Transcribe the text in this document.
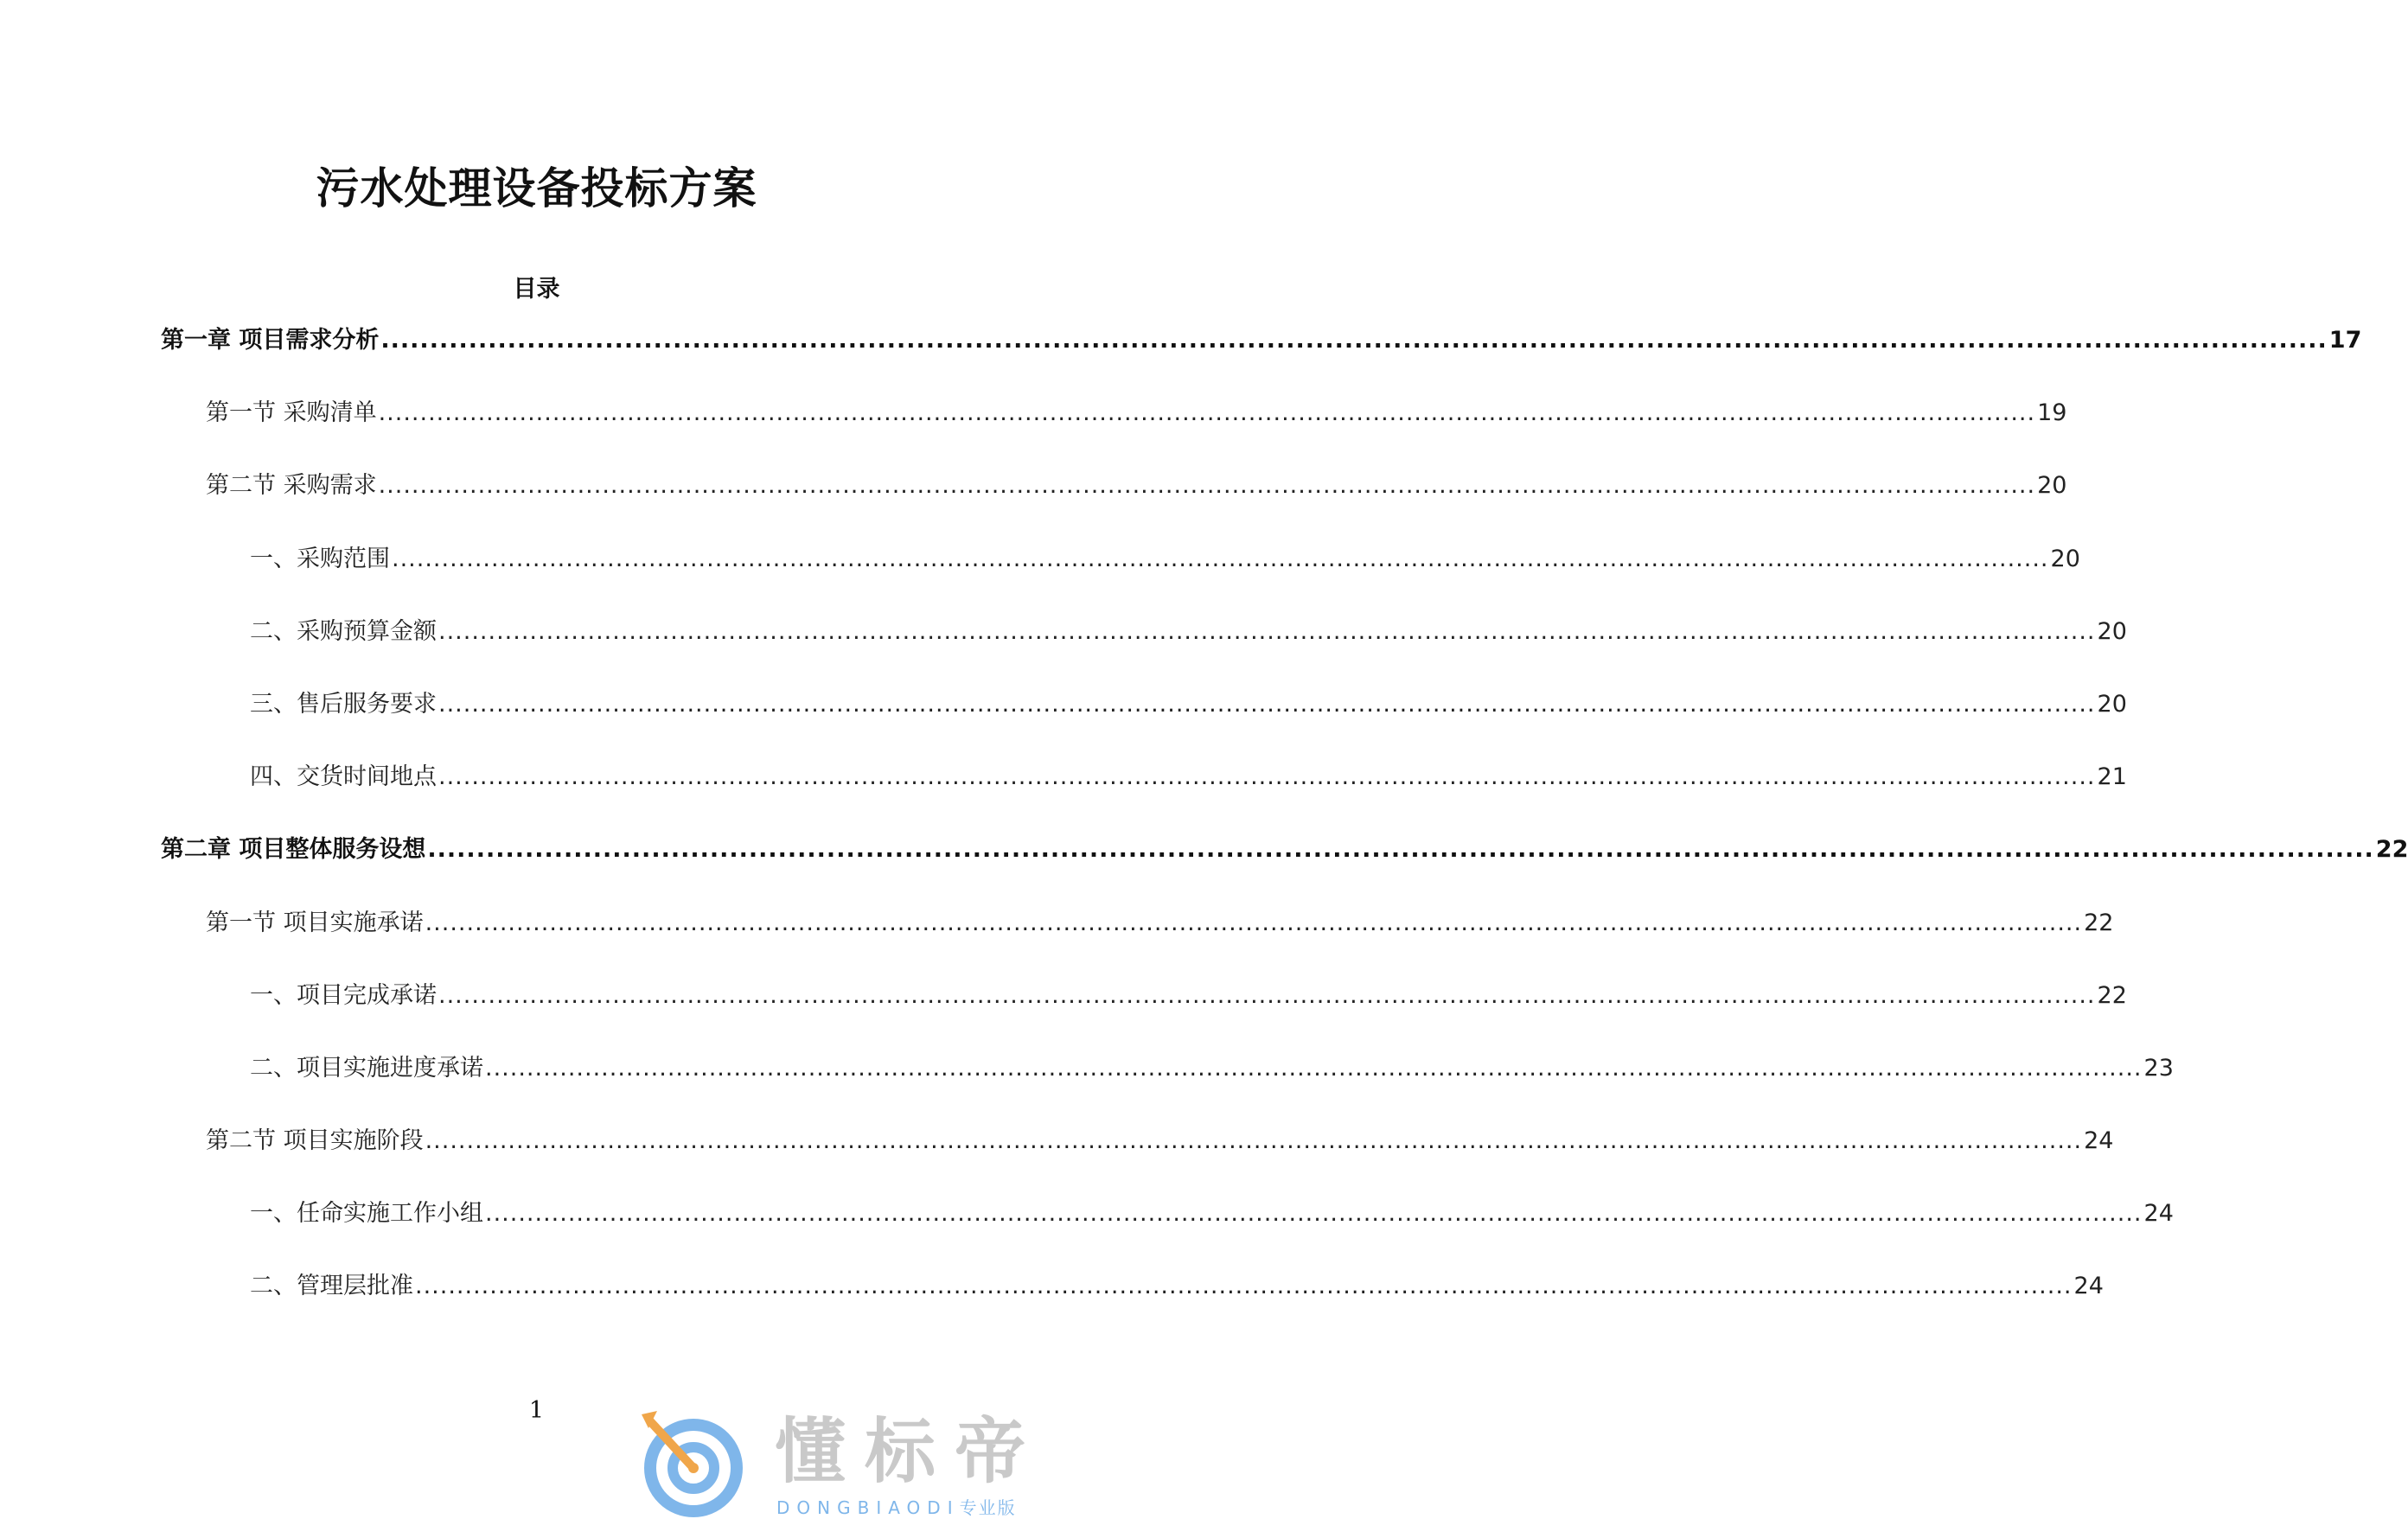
污水处理设备投标方案
目录
第一章 项目需求分析 ........................................................................................................................................................................................................ 17
第一节 采购清单 ........................................................................................................................................................................................................ 19
第二节 采购需求 ........................................................................................................................................................................................................ 20
一、采购范围 ........................................................................................................................................................................................................ 20
二、采购预算金额 ........................................................................................................................................................................................................ 20
三、售后服务要求 ........................................................................................................................................................................................................ 20
四、交货时间地点 ........................................................................................................................................................................................................ 21
第二章 项目整体服务设想 ........................................................................................................................................................................................................ 22
第一节 项目实施承诺 ........................................................................................................................................................................................................ 22
一、项目完成承诺 ........................................................................................................................................................................................................ 22
二、项目实施进度承诺 ........................................................................................................................................................................................................ 23
第二节 项目实施阶段 ........................................................................................................................................................................................................ 24
一、任命实施工作小组 ........................................................................................................................................................................................................ 24
二、管理层批准 ........................................................................................................................................................................................................ 24
1
懂标帝
DONGBIAODI专业版
